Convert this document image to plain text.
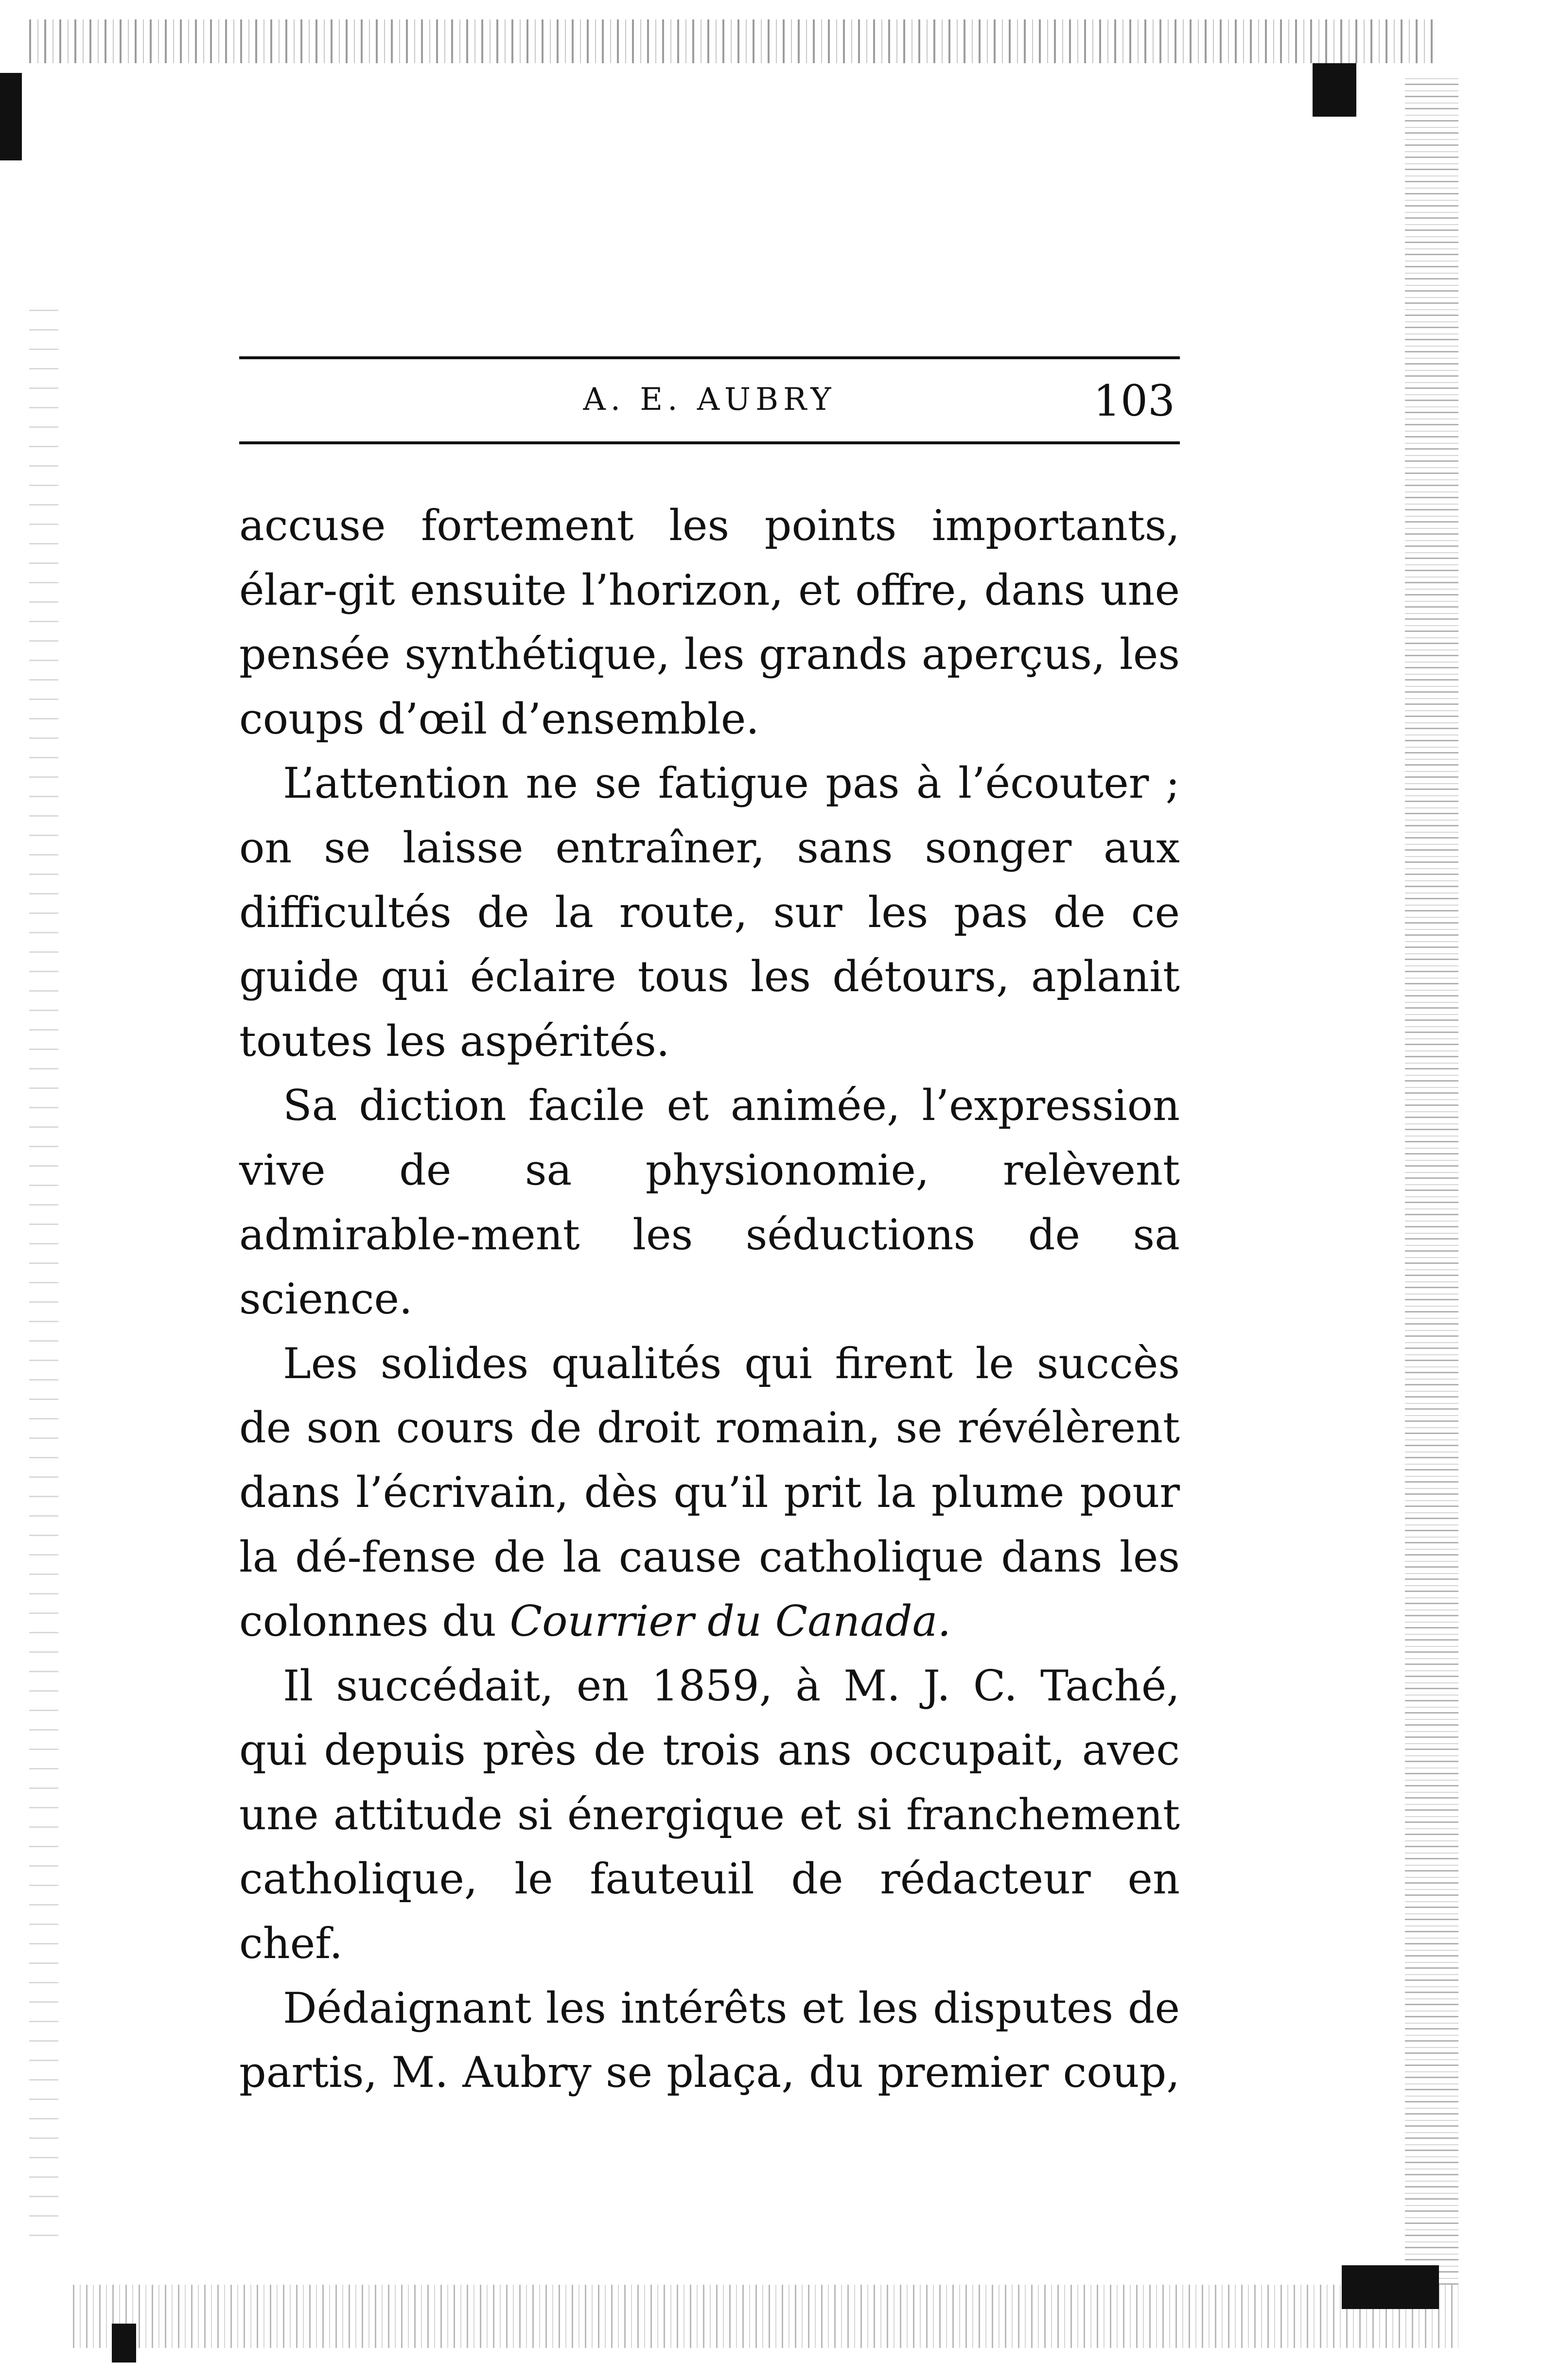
A. E. AUBRY	103

accuse fortement les points importants, élar-git ensuite l’horizon, et offre, dans une pensée synthétique, les grands aperçus, les coups d’œil d’ensemble.

L’attention ne se fatigue pas à l’écouter ; on se laisse entraîner, sans songer aux difficultés de la route, sur les pas de ce guide qui éclaire tous les détours, aplanit toutes les aspérités.

Sa diction facile et animée, l’expression vive de sa physionomie, relèvent admirable-ment les séductions de sa science.

Les solides qualités qui firent le succès de son cours de droit romain, se révélèrent dans l’écrivain, dès qu’il prit la plume pour la dé-fense de la cause catholique dans les colonnes du Courrier du Canada.

Il succédait, en 1859, à M. J. C. Taché, qui depuis près de trois ans occupait, avec une attitude si énergique et si franchement catholique, le fauteuil de rédacteur en chef.

Dédaignant les intérêts et les disputes de partis, M. Aubry se plaça, du premier coup,
